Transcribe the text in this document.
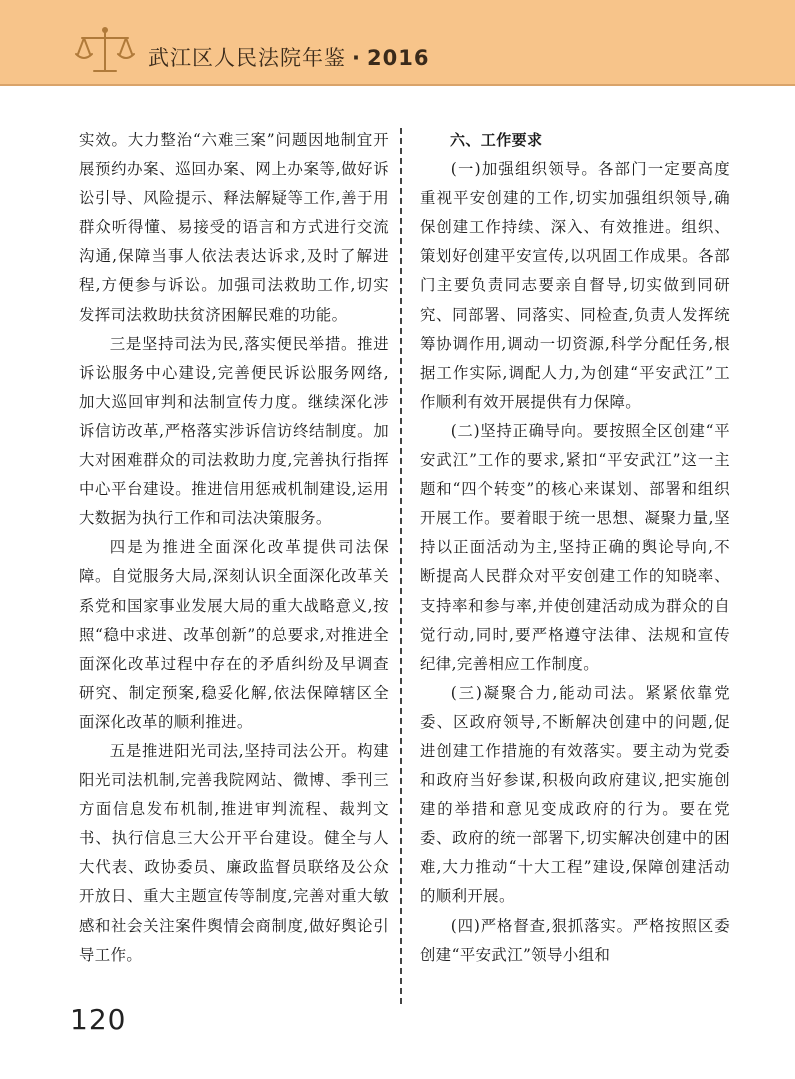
武江区人民法院年鉴 · 2016

实效。大力整治“六难三案”问题因地制宜开展预约办案、巡回办案、网上办案等,做好诉讼引导、风险提示、释法解疑等工作,善于用群众听得懂、易接受的语言和方式进行交流沟通,保障当事人依法表达诉求,及时了解进程,方便参与诉讼。加强司法救助工作,切实发挥司法救助扶贫济困解民难的功能。

三是坚持司法为民,落实便民举措。推进诉讼服务中心建设,完善便民诉讼服务网络,加大巡回审判和法制宣传力度。继续深化涉诉信访改革,严格落实涉诉信访终结制度。加大对困难群众的司法救助力度,完善执行指挥中心平台建设。推进信用惩戒机制建设,运用大数据为执行工作和司法决策服务。

四是为推进全面深化改革提供司法保障。自觉服务大局,深刻认识全面深化改革关系党和国家事业发展大局的重大战略意义,按照“稳中求进、改革创新”的总要求,对推进全面深化改革过程中存在的矛盾纠纷及早调查研究、制定预案,稳妥化解,依法保障辖区全面深化改革的顺利推进。

五是推进阳光司法,坚持司法公开。构建阳光司法机制,完善我院网站、微博、季刊三方面信息发布机制,推进审判流程、裁判文书、执行信息三大公开平台建设。健全与人大代表、政协委员、廉政监督员联络及公众开放日、重大主题宣传等制度,完善对重大敏感和社会关注案件舆情会商制度,做好舆论引导工作。

六、工作要求

(一)加强组织领导。各部门一定要高度重视平安创建的工作,切实加强组织领导,确保创建工作持续、深入、有效推进。组织、策划好创建平安宣传,以巩固工作成果。各部门主要负责同志要亲自督导,切实做到同研究、同部署、同落实、同检查,负责人发挥统筹协调作用,调动一切资源,科学分配任务,根据工作实际,调配人力,为创建“平安武江”工作顺利有效开展提供有力保障。

(二)坚持正确导向。要按照全区创建“平安武江”工作的要求,紧扣“平安武江”这一主题和“四个转变”的核心来谋划、部署和组织开展工作。要着眼于统一思想、凝聚力量,坚持以正面活动为主,坚持正确的舆论导向,不断提高人民群众对平安创建工作的知晓率、支持率和参与率,并使创建活动成为群众的自觉行动,同时,要严格遵守法律、法规和宣传纪律,完善相应工作制度。

(三)凝聚合力,能动司法。紧紧依靠党委、区政府领导,不断解决创建中的问题,促进创建工作措施的有效落实。要主动为党委和政府当好参谋,积极向政府建议,把实施创建的举措和意见变成政府的行为。要在党委、政府的统一部署下,切实解决创建中的困难,大力推动“十大工程”建设,保障创建活动的顺利开展。

(四)严格督查,狠抓落实。严格按照区委创建“平安武江”领导小组和

120
